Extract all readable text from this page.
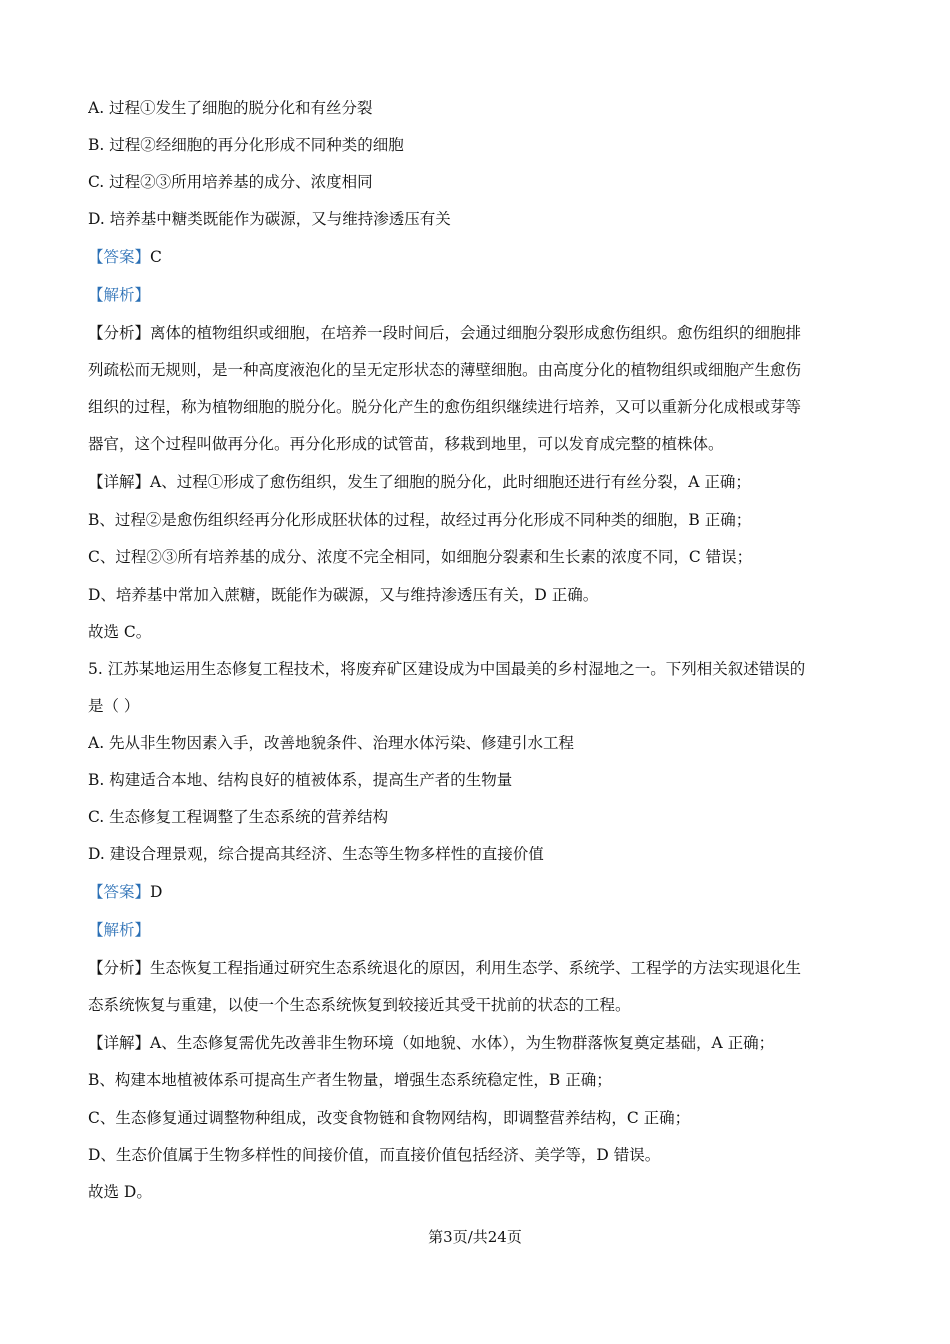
A. 过程①发生了细胞的脱分化和有丝分裂
B. 过程②经细胞的再分化形成不同种类的细胞
C. 过程②③所用培养基的成分、浓度相同
D. 培养基中糖类既能作为碳源，又与维持渗透压有关
【答案】C
【解析】
【分析】离体的植物组织或细胞，在培养一段时间后，会通过细胞分裂形成愈伤组织。愈伤组织的细胞排
列疏松而无规则，是一种高度液泡化的呈无定形状态的薄壁细胞。由高度分化的植物组织或细胞产生愈伤
组织的过程，称为植物细胞的脱分化。脱分化产生的愈伤组织继续进行培养，又可以重新分化成根或芽等
器官，这个过程叫做再分化。再分化形成的试管苗，移栽到地里，可以发育成完整的植株体。
【详解】A、过程①形成了愈伤组织，发生了细胞的脱分化，此时细胞还进行有丝分裂，A 正确；
B、过程②是愈伤组织经再分化形成胚状体的过程，故经过再分化形成不同种类的细胞，B 正确；
C、过程②③所有培养基的成分、浓度不完全相同，如细胞分裂素和生长素的浓度不同，C 错误；
D、培养基中常加入蔗糖，既能作为碳源，又与维持渗透压有关，D 正确。
故选 C。
5. 江苏某地运用生态修复工程技术，将废弃矿区建设成为中国最美的乡村湿地之一。下列相关叙述错误的
是（ ）
A. 先从非生物因素入手，改善地貌条件、治理水体污染、修建引水工程
B. 构建适合本地、结构良好的植被体系，提高生产者的生物量
C. 生态修复工程调整了生态系统的营养结构
D. 建设合理景观，综合提高其经济、生态等生物多样性的直接价值
【答案】D
【解析】
【分析】生态恢复工程指通过研究生态系统退化的原因，利用生态学、系统学、工程学的方法实现退化生
态系统恢复与重建，以使一个生态系统恢复到较接近其受干扰前的状态的工程。
【详解】A、生态修复需优先改善非生物环境（如地貌、水体），为生物群落恢复奠定基础，A 正确；
B、构建本地植被体系可提高生产者生物量，增强生态系统稳定性，B 正确；
C、生态修复通过调整物种组成，改变食物链和食物网结构，即调整营养结构，C 正确；
D、生态价值属于生物多样性的间接价值，而直接价值包括经济、美学等，D 错误。
故选 D。
第3页/共24页
